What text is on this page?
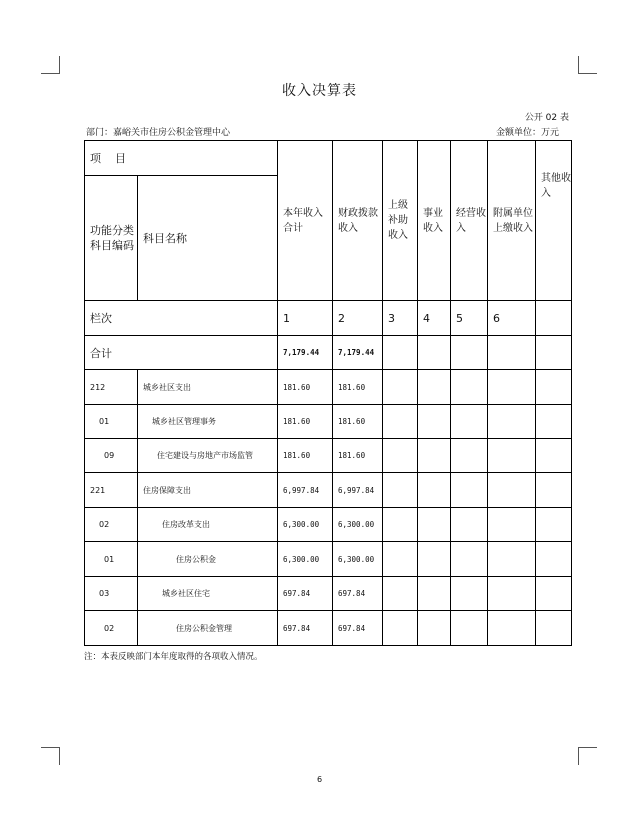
收入决算表
公开 02 表
部门：嘉峪关市住房公积金管理中心	金额单位：万元
项    目		本年收入合计	财政拨款收入	上级补助收入	事业收入	经营收入	附属单位上缴收入	其他收入
功能分类科目编码	科目名称							
栏次		1	2	3	4	5	6	
合计		7,179.44	7,179.44					
212	城乡社区支出	181.60	181.60					
01	城乡社区管理事务	181.60	181.60					
09	住宅建设与房地产市场监管	181.60	181.60					
221	住房保障支出	6,997.84	6,997.84					
02	住房改革支出	6,300.00	6,300.00					
01	住房公积金	6,300.00	6,300.00					
03	城乡社区住宅	697.84	697.84					
02	住房公积金管理	697.84	697.84					
注：本表反映部门本年度取得的各项收入情况。
6
